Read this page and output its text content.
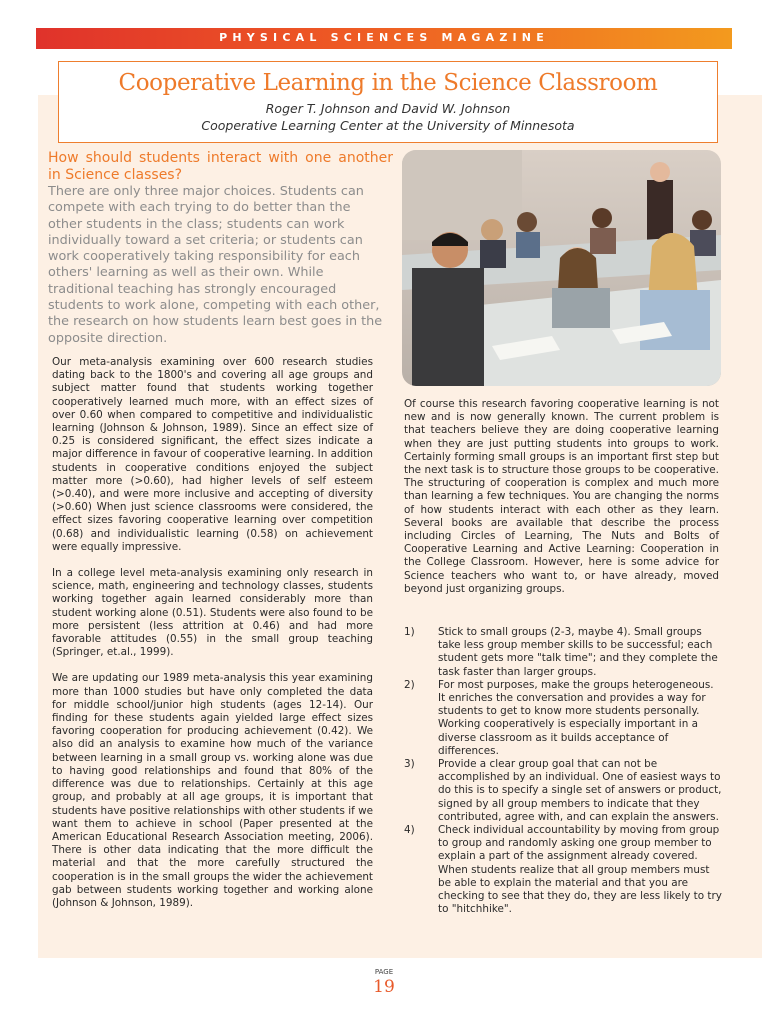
PHYSICAL SCIENCES MAGAZINE
Cooperative Learning in the Science Classroom
Roger T. Johnson and David W. Johnson
Cooperative Learning Center at the University of Minnesota
How should students interact with one another in Science classes?
There are only three major choices. Students can compete with each trying to do better than the other students in the class; students can work individually toward a set criteria; or students can work cooperatively taking responsibility for each others' learning as well as their own. While traditional teaching has strongly encouraged students to work alone, competing with each other, the research on how students learn best goes in the opposite direction.

Our meta-analysis examining over 600 research studies dating back to the 1800's and covering all age groups and subject matter found that students working together cooperatively learned much more, with an effect sizes of over 0.60 when compared to competitive and individualistic learning (Johnson & Johnson, 1989). Since an effect size of 0.25 is considered significant, the effect sizes indicate a major difference in favour of cooperative learning. In addition students in cooperative conditions enjoyed the subject matter more (>0.60), had higher levels of self esteem (>0.40), and were more inclusive and accepting of diversity (>0.60) When just science classrooms were considered, the effect sizes favoring cooperative learning over competition (0.68) and individualistic learning (0.58) on achievement were equally impressive.

In a college level meta-analysis examining only research in science, math, engineering and technology classes, students working together again learned considerably more than student working alone (0.51). Students were also found to be more persistent (less attrition at 0.46) and had more favorable attitudes (0.55) in the small group teaching (Springer, et.al., 1999).

We are updating our 1989 meta-analysis this year examining more than 1000 studies but have only completed the data for middle school/junior high students (ages 12-14). Our finding for these students again yielded large effect sizes favoring cooperation for producing achievement (0.42). We also did an analysis to examine how much of the variance between learning in a small group vs. working alone was due to having good relationships and found that 80% of the difference was due to relationships. Certainly at this age group, and probably at all age groups, it is important that students have positive relationships with other students if we want them to achieve in school (Paper presented at the American Educational Research Association meeting, 2006). There is other data indicating that the more difficult the material and that the more carefully structured the cooperation is in the small groups the wider the achievement gab between students working together and working alone (Johnson & Johnson, 1989).

Of course this research favoring cooperative learning is not new and is now generally known. The current problem is that teachers believe they are doing cooperative learning when they are just putting students into groups to work. Certainly forming small groups is an important first step but the next task is to structure those groups to be cooperative. The structuring of cooperation is complex and much more than learning a few techniques. You are changing the norms of how students interact with each other as they learn. Several books are available that describe the process including Circles of Learning, The Nuts and Bolts of Cooperative Learning and Active Learning: Cooperation in the College Classroom. However, here is some advice for Science teachers who want to, or have already, moved beyond just organizing groups.

1) Stick to small groups (2-3, maybe 4). Small groups take less group member skills to be successful; each student gets more "talk time"; and they complete the task faster than larger groups.
2) For most purposes, make the groups heterogeneous. It enriches the conversation and provides a way for students to get to know more students personally. Working cooperatively is especially important in a diverse classroom as it builds acceptance of differences.
3) Provide a clear group goal that can not be accomplished by an individual. One of easiest ways to do this is to specify a single set of answers or product, signed by all group members to indicate that they contributed, agree with, and can explain the answers.
4) Check individual accountability by moving from group to group and randomly asking one group member to explain a part of the assignment already covered. When students realize that all group members must be able to explain the material and that you are checking to see that they do, they are less likely to try to "hitchhike".
PAGE
19
